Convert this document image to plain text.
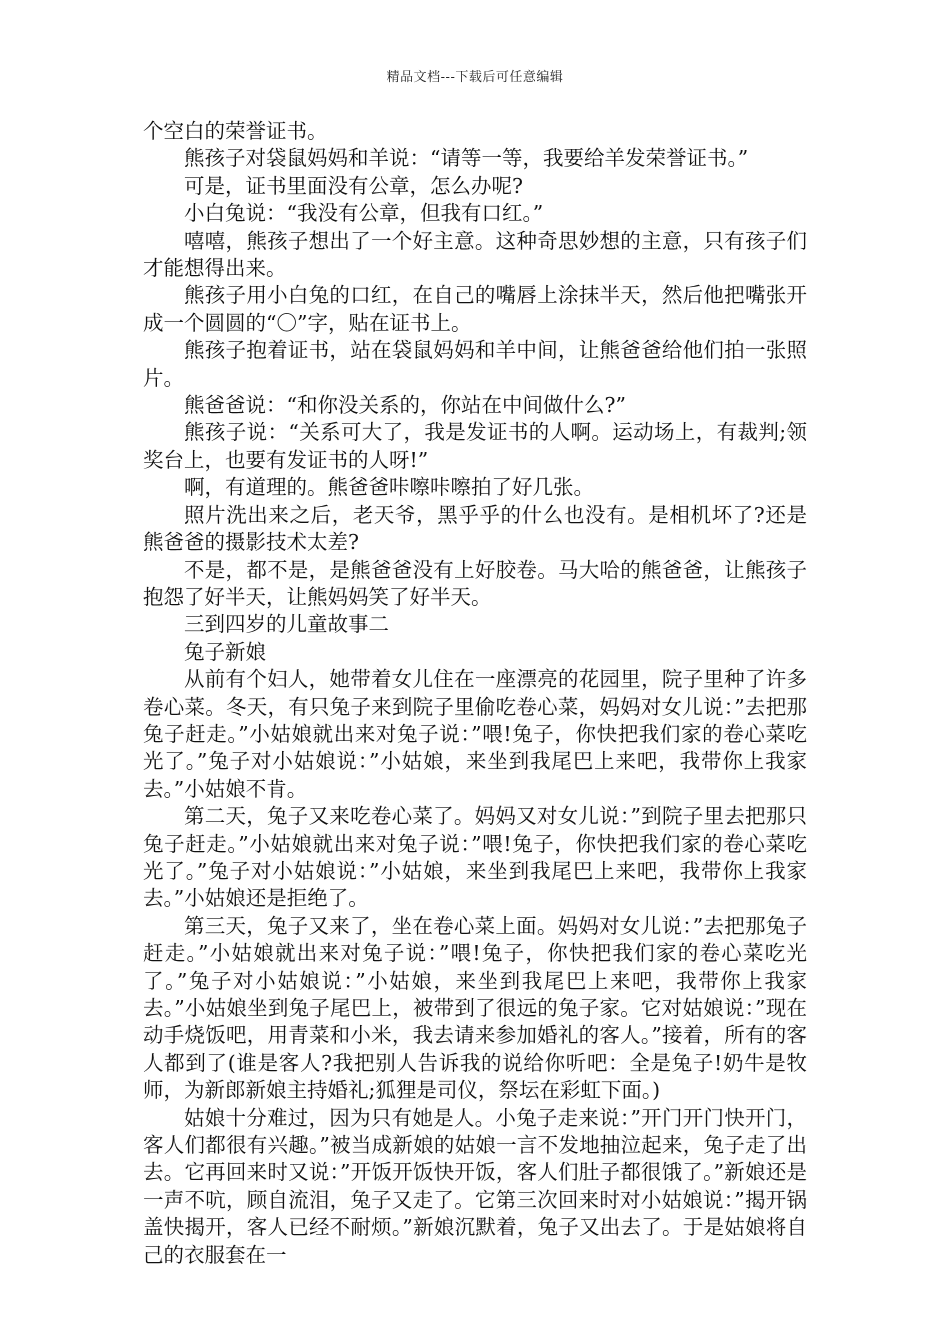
精品文档---下载后可任意编辑

个空白的荣誉证书。

熊孩子对袋鼠妈妈和羊说：“请等一等，我要给羊发荣誉证书。”

可是，证书里面没有公章，怎么办呢?

小白兔说：“我没有公章，但我有口红。”

嘻嘻，熊孩子想出了一个好主意。这种奇思妙想的主意，只有孩子们才能想得出来。

熊孩子用小白兔的口红，在自己的嘴唇上涂抹半天，然后他把嘴张开成一个圆圆的“〇”字，贴在证书上。

熊孩子抱着证书，站在袋鼠妈妈和羊中间，让熊爸爸给他们拍一张照片。

熊爸爸说：“和你没关系的，你站在中间做什么?”

熊孩子说：“关系可大了，我是发证书的人啊。运动场上，有裁判;领奖台上，也要有发证书的人呀!”

啊，有道理的。熊爸爸咔嚓咔嚓拍了好几张。

照片洗出来之后，老天爷，黑乎乎的什么也没有。是相机坏了?还是熊爸爸的摄影技术太差?

不是，都不是，是熊爸爸没有上好胶卷。马大哈的熊爸爸，让熊孩子抱怨了好半天，让熊妈妈笑了好半天。

三到四岁的儿童故事二

兔子新娘

从前有个妇人，她带着女儿住在一座漂亮的花园里，院子里种了许多卷心菜。冬天，有只兔子来到院子里偷吃卷心菜，妈妈对女儿说：”去把那兔子赶走。”小姑娘就出来对兔子说：”喂!兔子，你快把我们家的卷心菜吃光了。”兔子对小姑娘说：”小姑娘，来坐到我尾巴上来吧，我带你上我家去。”小姑娘不肯。

第二天，兔子又来吃卷心菜了。妈妈又对女儿说：”到院子里去把那只兔子赶走。”小姑娘就出来对兔子说：”喂!兔子，你快把我们家的卷心菜吃光了。”兔子对小姑娘说：”小姑娘，来坐到我尾巴上来吧，我带你上我家去。”小姑娘还是拒绝了。

第三天，兔子又来了，坐在卷心菜上面。妈妈对女儿说：”去把那兔子赶走。”小姑娘就出来对兔子说：”喂!兔子，你快把我们家的卷心菜吃光了。”兔子对小姑娘说：”小姑娘，来坐到我尾巴上来吧，我带你上我家去。”小姑娘坐到兔子尾巴上，被带到了很远的兔子家。它对姑娘说：”现在动手烧饭吧，用青菜和小米，我去请来参加婚礼的客人。”接着，所有的客人都到了(谁是客人?我把别人告诉我的说给你听吧：全是兔子!奶牛是牧师，为新郎新娘主持婚礼;狐狸是司仪，祭坛在彩虹下面。)

姑娘十分难过，因为只有她是人。小兔子走来说：”开门开门快开门，客人们都很有兴趣。”被当成新娘的姑娘一言不发地抽泣起来，兔子走了出去。它再回来时又说：”开饭开饭快开饭，客人们肚子都很饿了。”新娘还是一声不吭，顾自流泪，兔子又走了。它第三次回来时对小姑娘说：”揭开锅盖快揭开，客人已经不耐烦。”新娘沉默着，兔子又出去了。于是姑娘将自己的衣服套在一
